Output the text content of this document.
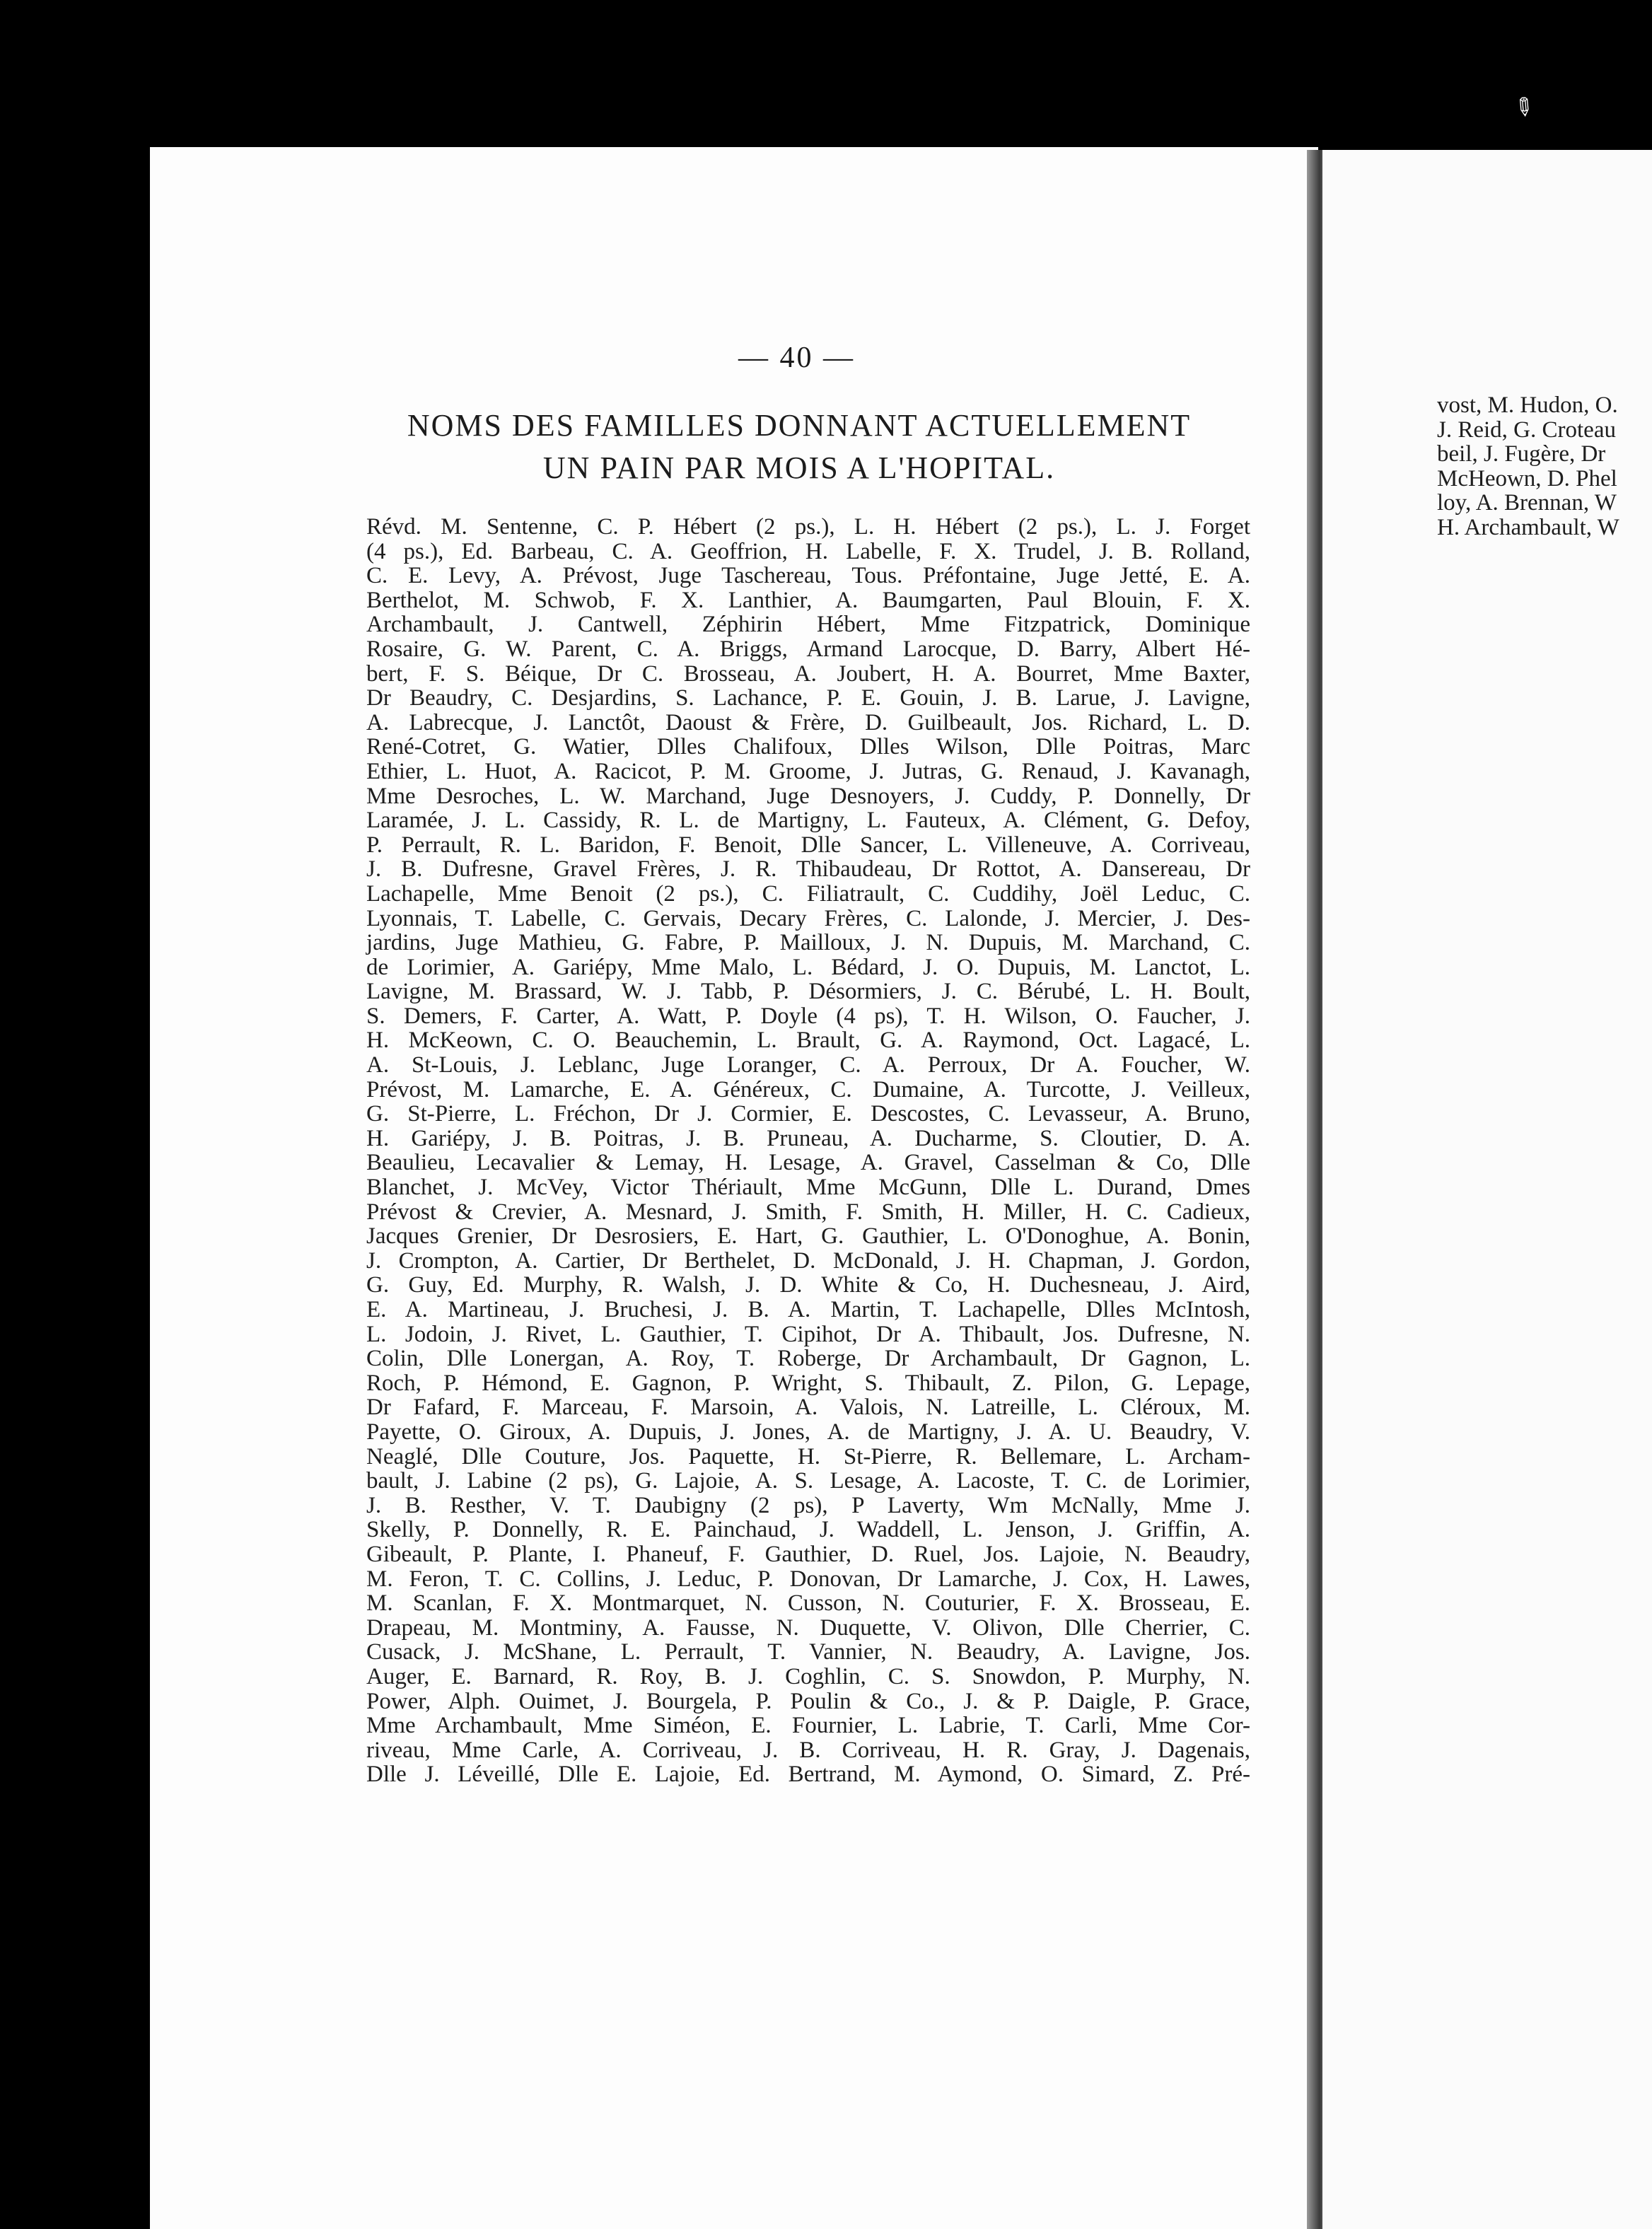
✎
— 40 —
NOMS DES FAMILLES DONNANT ACTUELLEMENT
UN PAIN PAR MOIS A L'HOPITAL.
Révd. M. Sentenne, C. P. Hébert (2 ps.), L. H. Hébert (2 ps.), L. J. Forget
(4 ps.), Ed. Barbeau, C. A. Geoffrion, H. Labelle, F. X. Trudel, J. B. Rolland,
C. E. Levy, A. Prévost, Juge Taschereau, Tous. Préfontaine, Juge Jetté, E. A.
Berthelot, M. Schwob, F. X. Lanthier, A. Baumgarten, Paul Blouin, F. X.
Archambault, J. Cantwell, Zéphirin Hébert, Mme Fitzpatrick, Dominique
Rosaire, G. W. Parent, C. A. Briggs, Armand Larocque, D. Barry, Albert Hé-
bert, F. S. Béique, Dr C. Brosseau, A. Joubert, H. A. Bourret, Mme Baxter,
Dr Beaudry, C. Desjardins, S. Lachance, P. E. Gouin, J. B. Larue, J. Lavigne,
A. Labrecque, J. Lanctôt, Daoust & Frère, D. Guilbeault, Jos. Richard, L. D.
René-Cotret, G. Watier, Dlles Chalifoux, Dlles Wilson, Dlle Poitras, Marc
Ethier, L. Huot, A. Racicot, P. M. Groome, J. Jutras, G. Renaud, J. Kavanagh,
Mme Desroches, L. W. Marchand, Juge Desnoyers, J. Cuddy, P. Donnelly, Dr
Laramée, J. L. Cassidy, R. L. de Martigny, L. Fauteux, A. Clément, G. Defoy,
P. Perrault, R. L. Baridon, F. Benoit, Dlle Sancer, L. Villeneuve, A. Corriveau,
J. B. Dufresne, Gravel Frères, J. R. Thibaudeau, Dr Rottot, A. Dansereau, Dr
Lachapelle, Mme Benoit (2 ps.), C. Filiatrault, C. Cuddihy, Joël Leduc, C.
Lyonnais, T. Labelle, C. Gervais, Decary Frères, C. Lalonde, J. Mercier, J. Des-
jardins, Juge Mathieu, G. Fabre, P. Mailloux, J. N. Dupuis, M. Marchand, C.
de Lorimier, A. Gariépy, Mme Malo, L. Bédard, J. O. Dupuis, M. Lanctot, L.
Lavigne, M. Brassard, W. J. Tabb, P. Désormiers, J. C. Bérubé, L. H. Boult,
S. Demers, F. Carter, A. Watt, P. Doyle (4 ps), T. H. Wilson, O. Faucher, J.
H. McKeown, C. O. Beauchemin, L. Brault, G. A. Raymond, Oct. Lagacé, L.
A. St-Louis, J. Leblanc, Juge Loranger, C. A. Perroux, Dr A. Foucher, W.
Prévost, M. Lamarche, E. A. Généreux, C. Dumaine, A. Turcotte, J. Veilleux,
G. St-Pierre, L. Fréchon, Dr J. Cormier, E. Descostes, C. Levasseur, A. Bruno,
H. Gariépy, J. B. Poitras, J. B. Pruneau, A. Ducharme, S. Cloutier, D. A.
Beaulieu, Lecavalier & Lemay, H. Lesage, A. Gravel, Casselman & Co, Dlle
Blanchet, J. McVey, Victor Thériault, Mme McGunn, Dlle L. Durand, Dmes
Prévost & Crevier, A. Mesnard, J. Smith, F. Smith, H. Miller, H. C. Cadieux,
Jacques Grenier, Dr Desrosiers, E. Hart, G. Gauthier, L. O'Donoghue, A. Bonin,
J. Crompton, A. Cartier, Dr Berthelet, D. McDonald, J. H. Chapman, J. Gordon,
G. Guy, Ed. Murphy, R. Walsh, J. D. White & Co, H. Duchesneau, J. Aird,
E. A. Martineau, J. Bruchesi, J. B. A. Martin, T. Lachapelle, Dlles McIntosh,
L. Jodoin, J. Rivet, L. Gauthier, T. Cipihot, Dr A. Thibault, Jos. Dufresne, N.
Colin, Dlle Lonergan, A. Roy, T. Roberge, Dr Archambault, Dr Gagnon, L.
Roch, P. Hémond, E. Gagnon, P. Wright, S. Thibault, Z. Pilon, G. Lepage,
Dr Fafard, F. Marceau, F. Marsoin, A. Valois, N. Latreille, L. Cléroux, M.
Payette, O. Giroux, A. Dupuis, J. Jones, A. de Martigny, J. A. U. Beaudry, V.
Neaglé, Dlle Couture, Jos. Paquette, H. St-Pierre, R. Bellemare, L. Archam-
bault, J. Labine (2 ps), G. Lajoie, A. S. Lesage, A. Lacoste, T. C. de Lorimier,
J. B. Resther, V. T. Daubigny (2 ps), P Laverty, Wm McNally, Mme J.
Skelly, P. Donnelly, R. E. Painchaud, J. Waddell, L. Jenson, J. Griffin, A.
Gibeault, P. Plante, I. Phaneuf, F. Gauthier, D. Ruel, Jos. Lajoie, N. Beaudry,
M. Feron, T. C. Collins, J. Leduc, P. Donovan, Dr Lamarche, J. Cox, H. Lawes,
M. Scanlan, F. X. Montmarquet, N. Cusson, N. Couturier, F. X. Brosseau, E.
Drapeau, M. Montminy, A. Fausse, N. Duquette, V. Olivon, Dlle Cherrier, C.
Cusack, J. McShane, L. Perrault, T. Vannier, N. Beaudry, A. Lavigne, Jos.
Auger, E. Barnard, R. Roy, B. J. Coghlin, C. S. Snowdon, P. Murphy, N.
Power, Alph. Ouimet, J. Bourgela, P. Poulin & Co., J. & P. Daigle, P. Grace,
Mme Archambault, Mme Siméon, E. Fournier, L. Labrie, T. Carli, Mme Cor-
riveau, Mme Carle, A. Corriveau, J. B. Corriveau, H. R. Gray, J. Dagenais,
Dlle J. Léveillé, Dlle E. Lajoie, Ed. Bertrand, M. Aymond, O. Simard, Z. Pré-
vost, M. Hudon, O.
J. Reid, G. Croteau
beil, J. Fugère, Dr
McHeown, D. Phel
loy, A. Brennan, W
H. Archambault, W
